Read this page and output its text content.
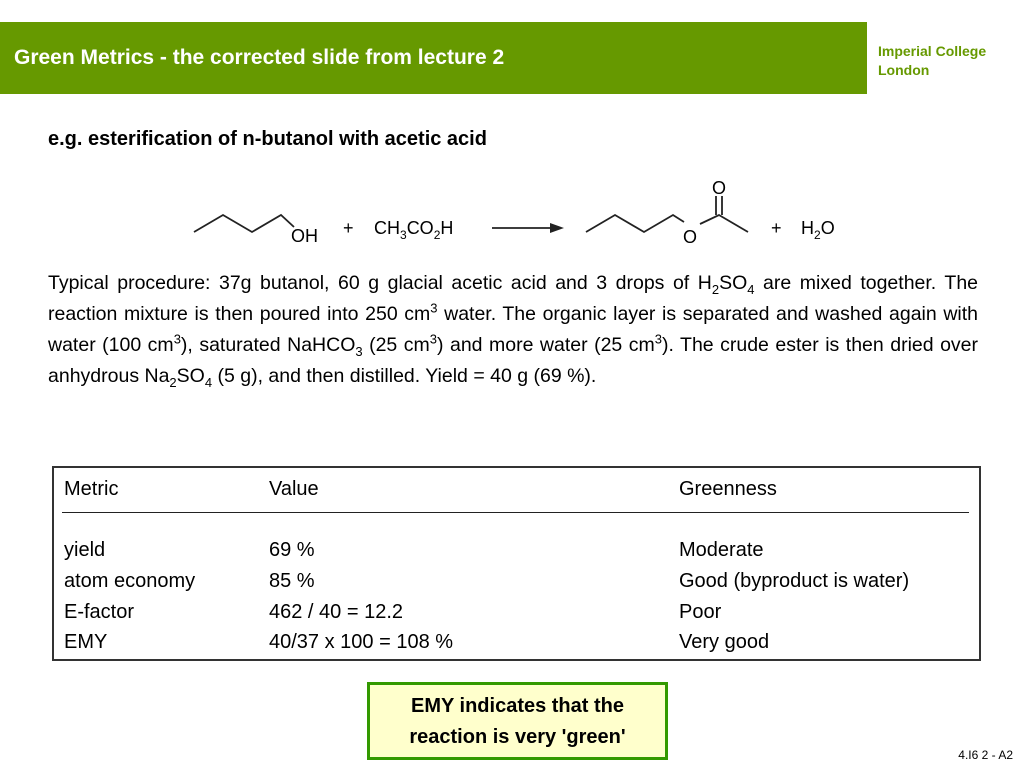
Green Metrics - the corrected slide from lecture 2	Imperial College
London
e.g. esterification of n-butanol with acetic acid
OH + $CH_3CO_2H$
O
O	+ $H_2O$
Typical procedure: 37g butanol, 60 g glacial acetic acid and 3 drops of $H_2SO_4$ are mixed together. The reaction mixture is then poured into 250 $cm^3$ water. The organic layer is separated and washed again with water (100 $cm^3$), saturated NaHCO$_3$ (25 $cm^3$) and more water (25 $cm^3$). The crude ester is then dried over anhydrous $Na_2SO_4$ (5 g), and then distilled. Yield = 40 g (69 %).
Metric	Value	Greenness
yield	69 %	Moderate
atom economy	85 %	Good (byproduct is water)
E-factor	462 / 40 = 12.2	Poor
EMY	40/37 x 100 = 108 %	Very good
EMY indicates that the
reaction is very 'green'
4.I6 2 - A2
